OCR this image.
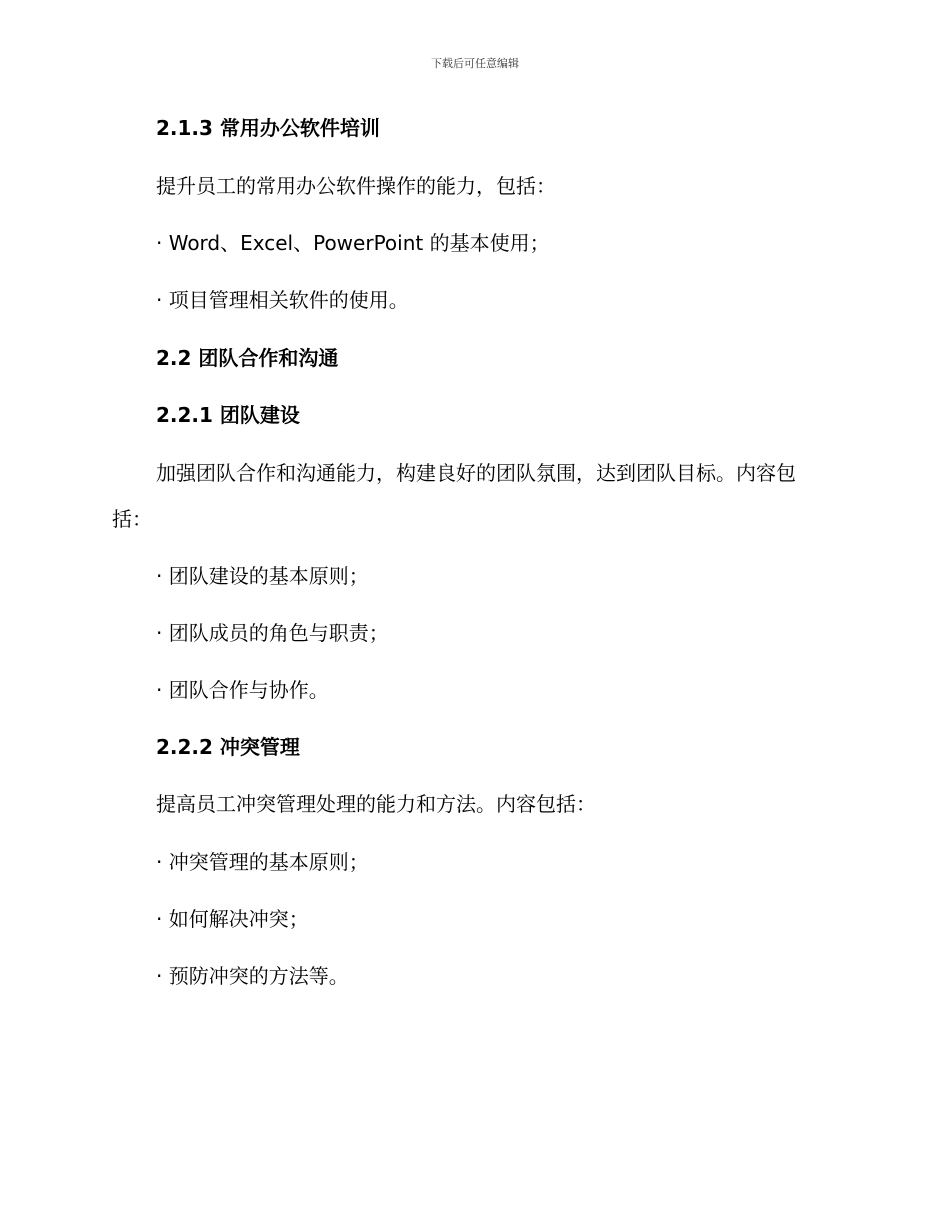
下载后可任意编辑
2.1.3 常用办公软件培训
提升员工的常用办公软件操作的能力，包括：
· Word、Excel、PowerPoint 的基本使用；
· 项目管理相关软件的使用。
2.2 团队合作和沟通
2.2.1 团队建设
加强团队合作和沟通能力，构建良好的团队氛围，达到团队目标。内容包括：
· 团队建设的基本原则；
· 团队成员的角色与职责；
· 团队合作与协作。
2.2.2 冲突管理
提高员工冲突管理处理的能力和方法。内容包括：
· 冲突管理的基本原则；
· 如何解决冲突；
· 预防冲突的方法等。
